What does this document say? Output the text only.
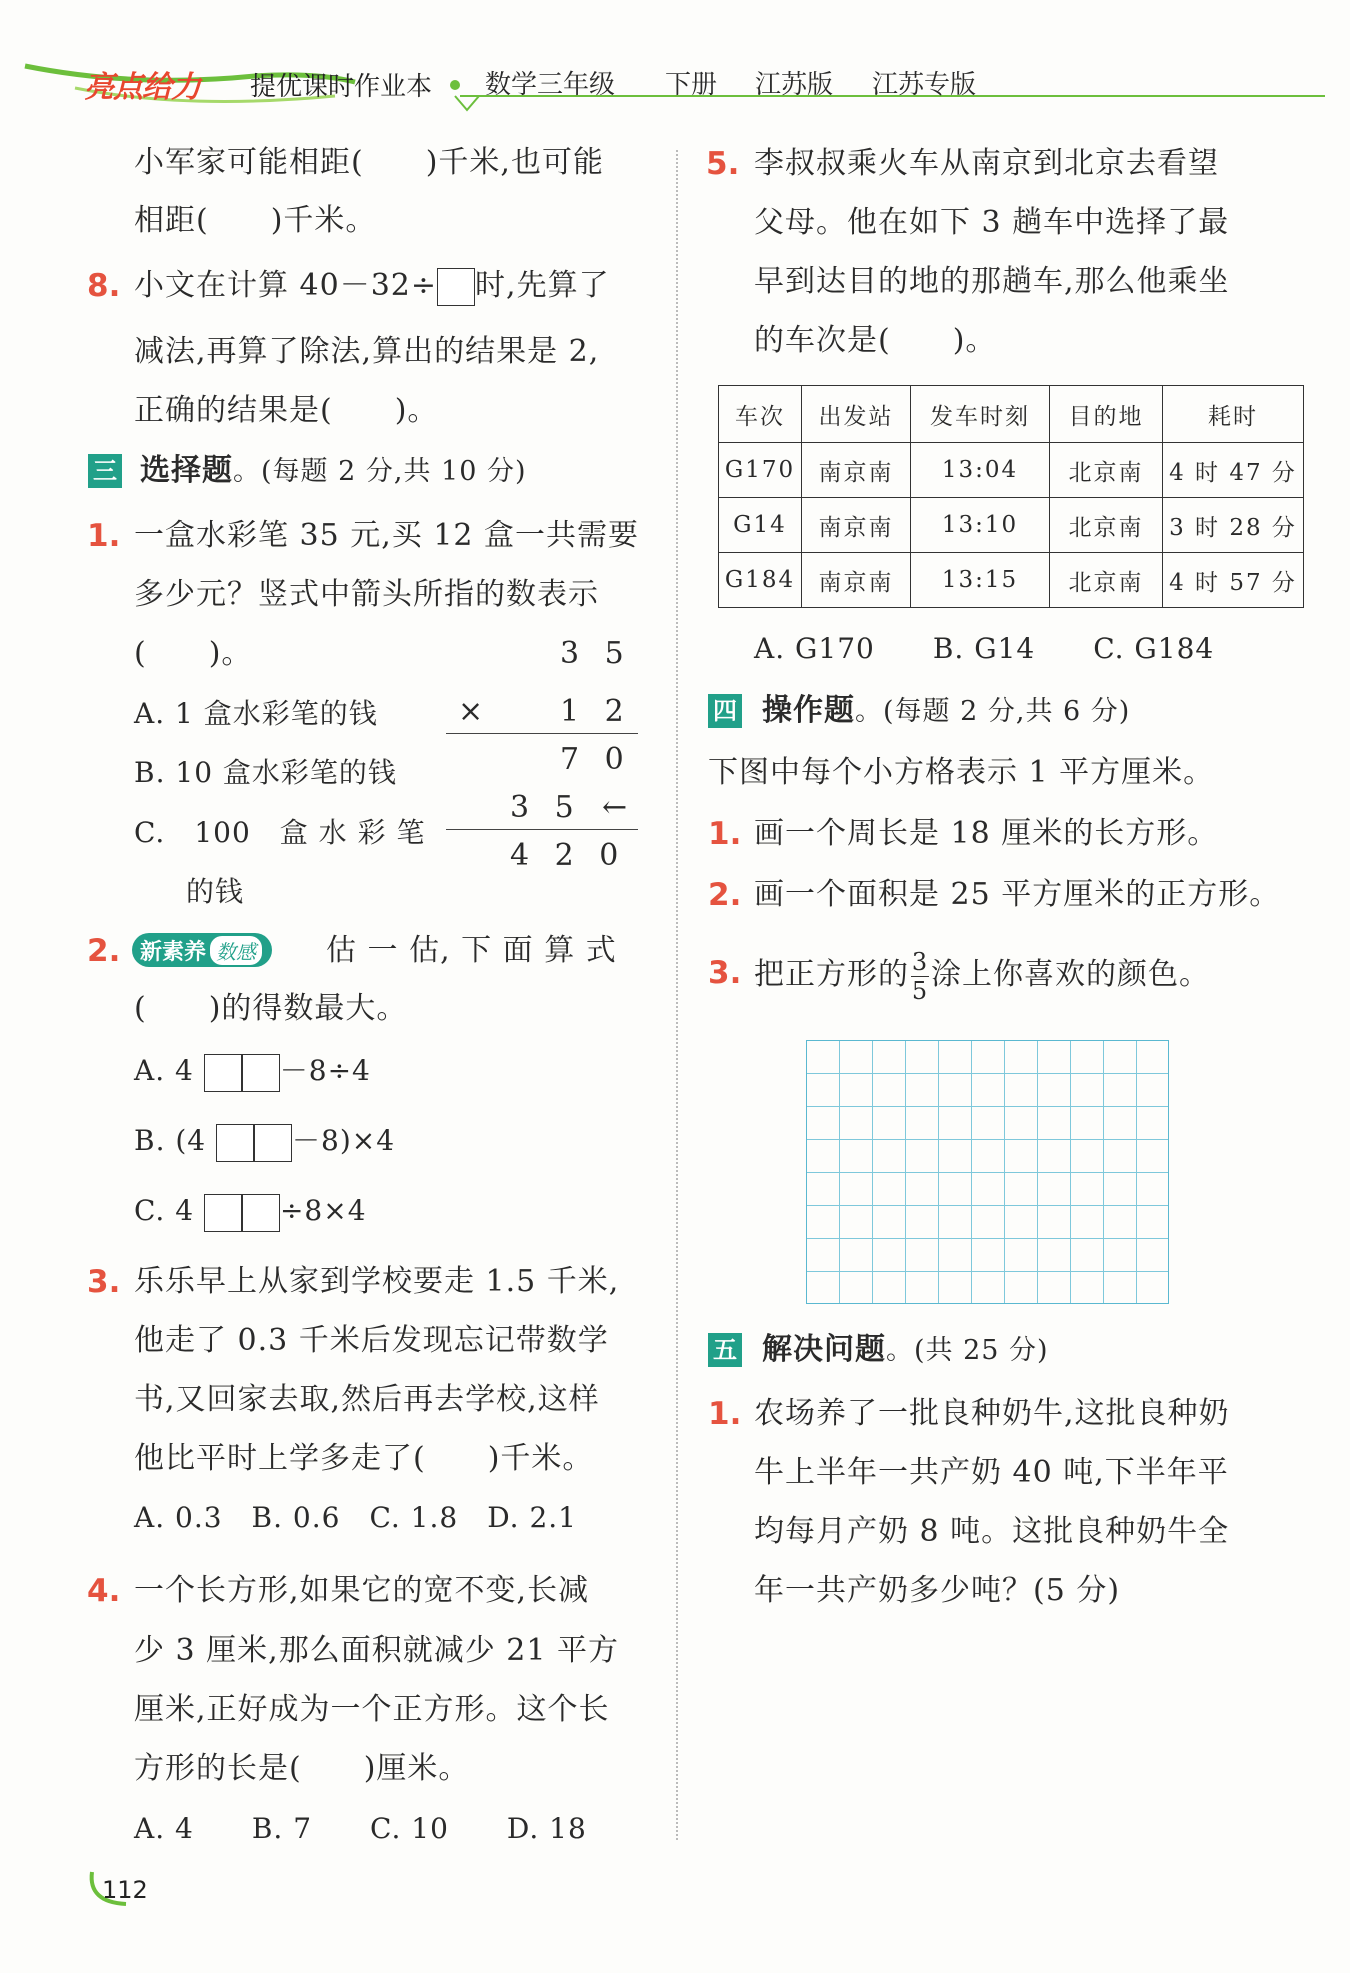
亮点给力 提优课时作业本 数学三年级 下册 江苏版 江苏专版
小军家可能相距(　　)千米,也可能
相距(　　)千米。
8. 小文在计算 40－32÷ 时,先算了
减法,再算了除法,算出的结果是 2,
正确的结果是(　　)。
三 选择题。(每题 2 分,共 10 分)
1. 一盒水彩笔 35 元,买 12 盒一共需要
多少元？竖式中箭头所指的数表示
(　　)。
A. 1 盒水彩笔的钱
B. 10 盒水彩笔的钱
C.　100　盒 水 彩 笔
的钱
3 5
×	1 2
7 0
3 5 ←
4 2 0
2. 新素养 数感 估 一 估, 下 面 算 式
(　　)的得数最大。
A. 4	－8÷4
B. (4	－8)×4
C. 4	÷8×4
3. 乐乐早上从家到学校要走 1.5 千米,
他走了 0.3 千米后发现忘记带数学
书,又回家去取,然后再去学校,这样
他比平时上学多走了(　　)千米。
A. 0.3　B. 0.6　C. 1.8　D. 2.1
4. 一个长方形,如果它的宽不变,长减
少 3 厘米,那么面积就减少 21 平方
厘米,正好成为一个正方形。这个长
方形的长是(　　)厘米。
A. 4　　B. 7　　C. 10　　D. 18
112
5. 李叔叔乘火车从南京到北京去看望
父母。他在如下 3 趟车中选择了最
早到达目的地的那趟车,那么他乘坐
的车次是(　　)。
车次	出发站	发车时刻	目的地	耗时
G170	南京南	13:04	北京南	4 时 47 分
G14	南京南	13:10	北京南	3 时 28 分
G184	南京南	13:15	北京南	4 时 57 分
A. G170　　B. G14　　C. G184
四 操作题。(每题 2 分,共 6 分)
下图中每个小方格表示 1 平方厘米。
1. 画一个周长是 18 厘米的长方形。
2. 画一个面积是 25 平方厘米的正方形。
3. 把正方形的 $\frac{3}{5}$ 涂上你喜欢的颜色。
五 解决问题。(共 25 分)
1. 农场养了一批良种奶牛,这批良种奶
牛上半年一共产奶 40 吨,下半年平
均每月产奶 8 吨。这批良种奶牛全
年一共产奶多少吨？(5 分)
